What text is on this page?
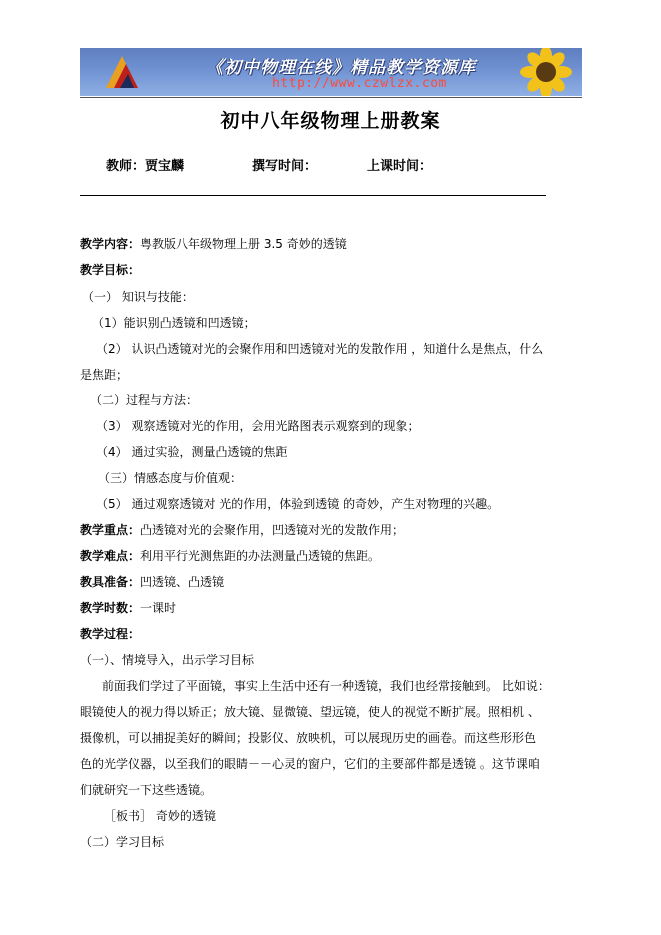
《初中物理在线》精品教学资源库
http://www.czwlzx.com
初中八年级物理上册教案
教师：贾宝麟	撰写时间：	上课时间：
教学内容：粤教版八年级物理上册 3.5 奇妙的透镜
教学目标：
（一） 知识与技能：
（1）能识别凸透镜和凹透镜；
（2） 认识凸透镜对光的会聚作用和凹透镜对光的发散作用 ，知道什么是焦点，什么
是焦距；
（二）过程与方法：
（3） 观察透镜对光的作用，会用光路图表示观察到的现象；
（4） 通过实验，测量凸透镜的焦距
（三）情感态度与价值观：
（5） 通过观察透镜对 光的作用，体验到透镜 的奇妙，产生对物理的兴趣。
教学重点：凸透镜对光的会聚作用，凹透镜对光的发散作用；
教学难点：利用平行光测焦距的办法测量凸透镜的焦距。
教具准备：凹透镜、凸透镜
教学时数：一课时
教学过程：
（一）、情境导入，出示学习目标
前面我们学过了平面镜，事实上生活中还有一种透镜，我们也经常接触到。 比如说：
眼镜使人的视力得以矫正；放大镜、显微镜、望远镜，使人的视觉不断扩展。照相机 、
摄像机，可以捕捉美好的瞬间；投影仪、放映机，可以展现历史的画卷。而这些形形色
色的光学仪器，以至我们的眼睛－－心灵的窗户，它们的主要部件都是透镜 。这节课咱
们就研究一下这些透镜。
［板书］ 奇妙的透镜
（二）学习目标
